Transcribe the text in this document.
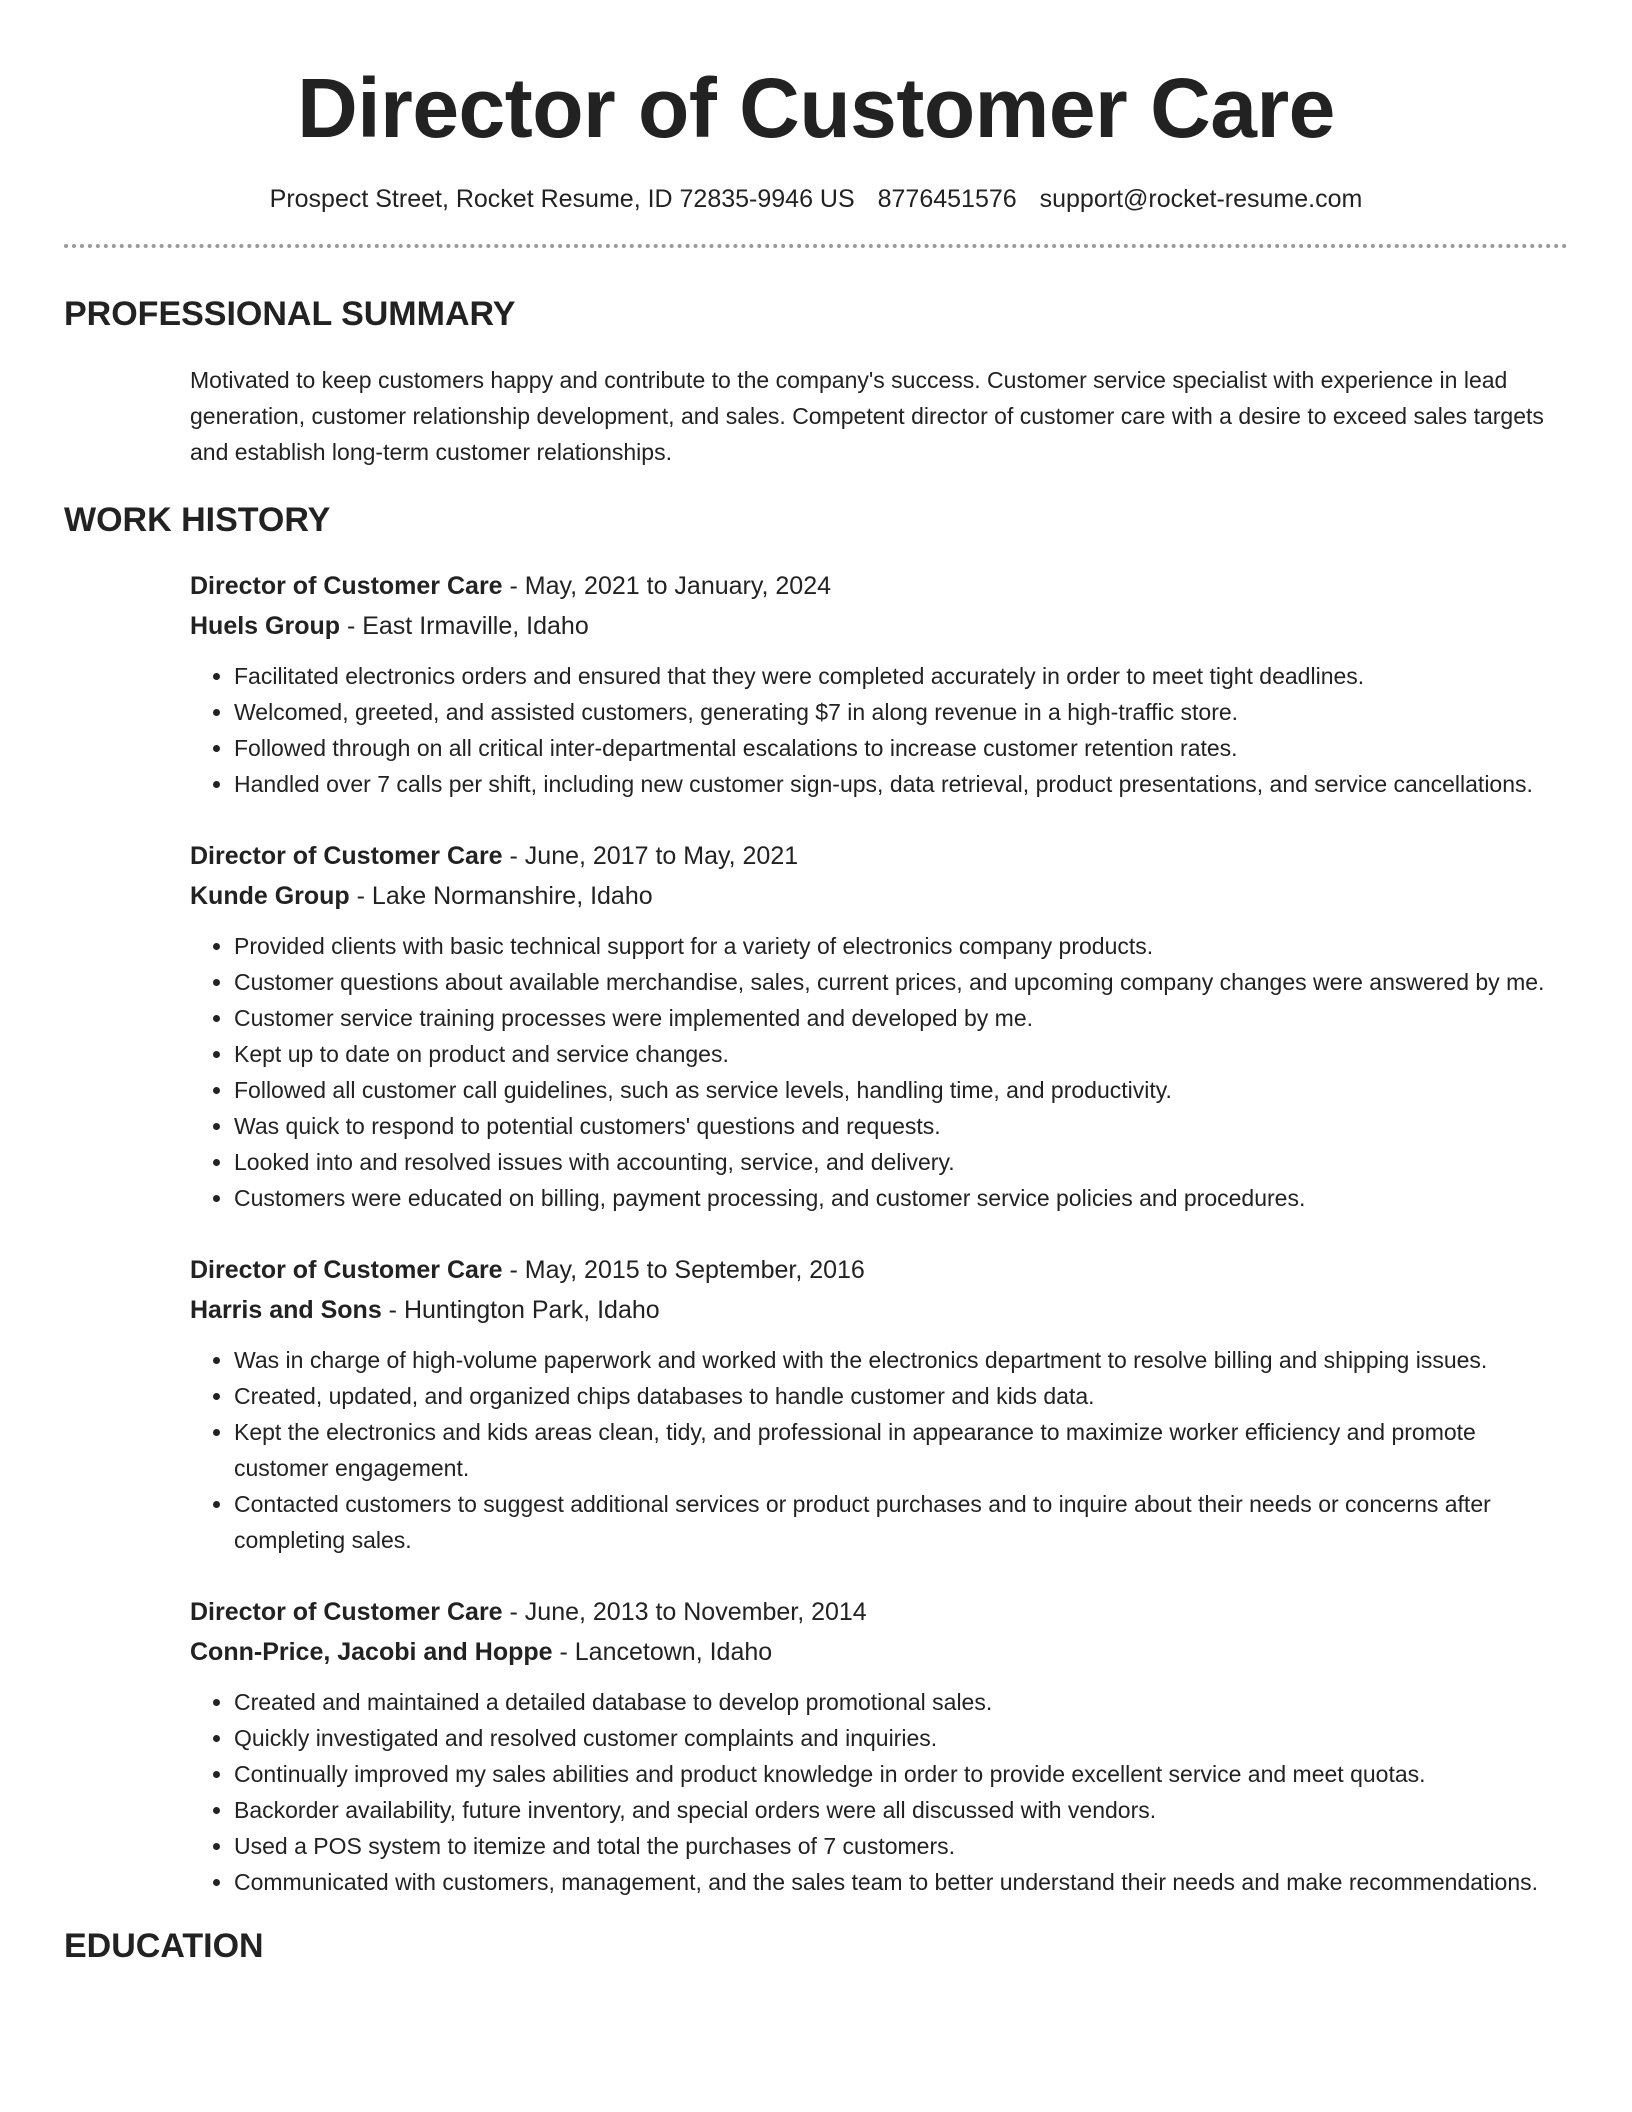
Director of Customer Care
Prospect Street, Rocket Resume, ID 72835-9946 US 8776451576 support@rocket-resume.com
PROFESSIONAL SUMMARY

Motivated to keep customers happy and contribute to the company's success. Customer service specialist with experience in lead generation, customer relationship development, and sales. Competent director of customer care with a desire to exceed sales targets and establish long-term customer relationships.

WORK HISTORY
Director of Customer Care - May, 2021 to January, 2024
Huels Group - East Irmaville, Idaho
• Facilitated electronics orders and ensured that they were completed accurately in order to meet tight deadlines.
• Welcomed, greeted, and assisted customers, generating $7 in along revenue in a high-traffic store.
• Followed through on all critical inter-departmental escalations to increase customer retention rates.
• Handled over 7 calls per shift, including new customer sign-ups, data retrieval, product presentations, and service cancellations.
Director of Customer Care - June, 2017 to May, 2021
Kunde Group - Lake Normanshire, Idaho
• Provided clients with basic technical support for a variety of electronics company products.
• Customer questions about available merchandise, sales, current prices, and upcoming company changes were answered by me.
• Customer service training processes were implemented and developed by me.
• Kept up to date on product and service changes.
• Followed all customer call guidelines, such as service levels, handling time, and productivity.
• Was quick to respond to potential customers' questions and requests.
• Looked into and resolved issues with accounting, service, and delivery.
• Customers were educated on billing, payment processing, and customer service policies and procedures.
Director of Customer Care - May, 2015 to September, 2016
Harris and Sons - Huntington Park, Idaho
• Was in charge of high-volume paperwork and worked with the electronics department to resolve billing and shipping issues.
• Created, updated, and organized chips databases to handle customer and kids data.
• Kept the electronics and kids areas clean, tidy, and professional in appearance to maximize worker efficiency and promote customer engagement.
• Contacted customers to suggest additional services or product purchases and to inquire about their needs or concerns after completing sales.
Director of Customer Care - June, 2013 to November, 2014
Conn-Price, Jacobi and Hoppe - Lancetown, Idaho
• Created and maintained a detailed database to develop promotional sales.
• Quickly investigated and resolved customer complaints and inquiries.
• Continually improved my sales abilities and product knowledge in order to provide excellent service and meet quotas.
• Backorder availability, future inventory, and special orders were all discussed with vendors.
• Used a POS system to itemize and total the purchases of 7 customers.
• Communicated with customers, management, and the sales team to better understand their needs and make recommendations.
EDUCATION
